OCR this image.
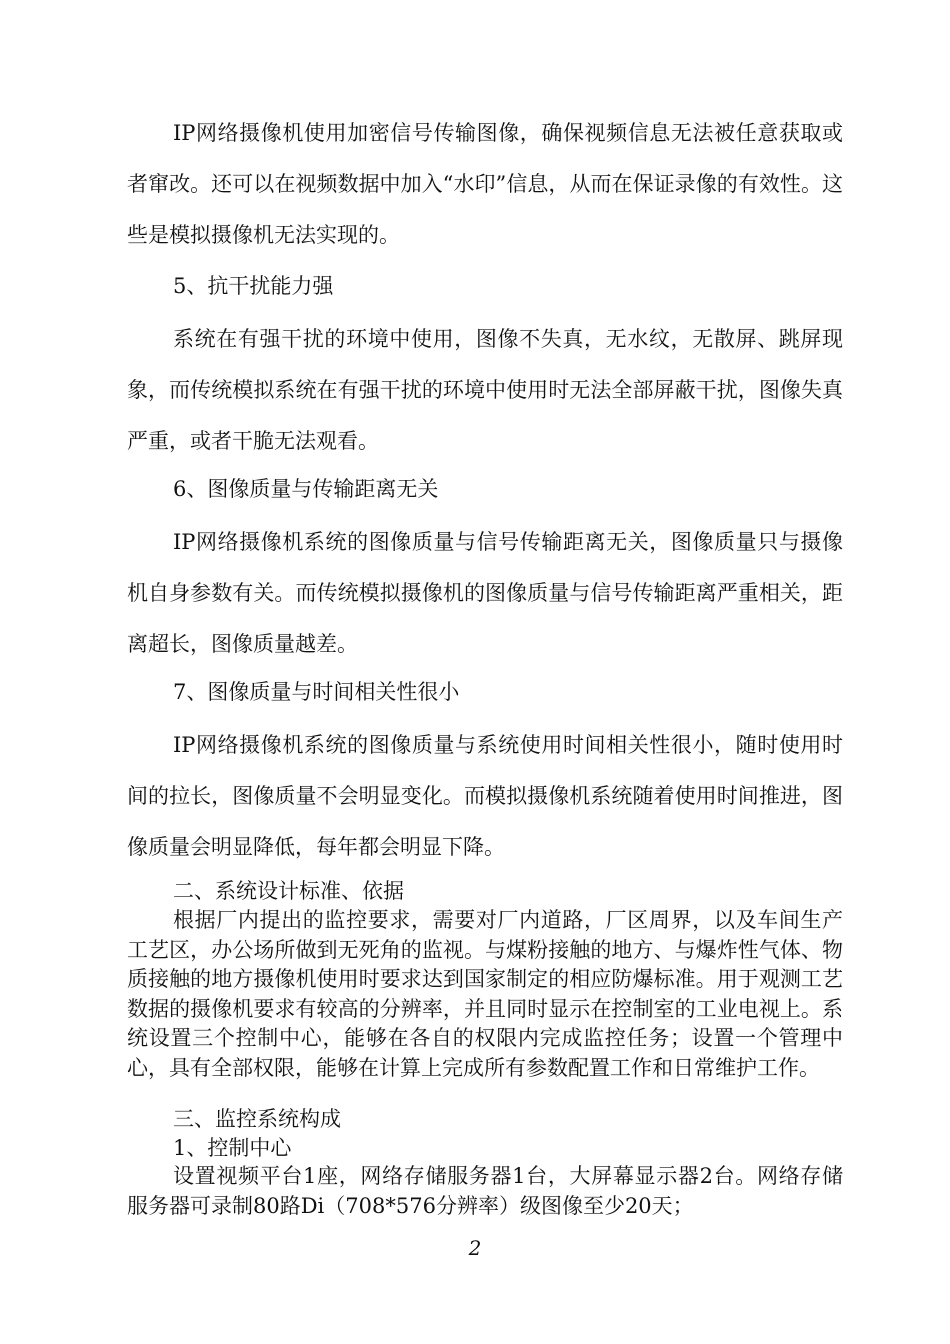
IP网络摄像机使用加密信号传输图像，确保视频信息无法被任意获取或者窜改。还可以在视频数据中加入“水印”信息，从而在保证录像的有效性。这些是模拟摄像机无法实现的。

5、抗干扰能力强

系统在有强干扰的环境中使用，图像不失真，无水纹，无散屏、跳屏现象，而传统模拟系统在有强干扰的环境中使用时无法全部屏蔽干扰，图像失真严重，或者干脆无法观看。

6、图像质量与传输距离无关

IP网络摄像机系统的图像质量与信号传输距离无关，图像质量只与摄像机自身参数有关。而传统模拟摄像机的图像质量与信号传输距离严重相关，距离超长，图像质量越差。

7、图像质量与时间相关性很小

IP网络摄像机系统的图像质量与系统使用时间相关性很小，随时使用时间的拉长，图像质量不会明显变化。而模拟摄像机系统随着使用时间推进，图像质量会明显降低，每年都会明显下降。

二、系统设计标准、依据

根据厂内提出的监控要求，需要对厂内道路，厂区周界，以及车间生产工艺区，办公场所做到无死角的监视。与煤粉接触的地方、与爆炸性气体、物质接触的地方摄像机使用时要求达到国家制定的相应防爆标准。用于观测工艺数据的摄像机要求有较高的分辨率，并且同时显示在控制室的工业电视上。系统设置三个控制中心，能够在各自的权限内完成监控任务；设置一个管理中心，具有全部权限，能够在计算上完成所有参数配置工作和日常维护工作。

三、监控系统构成

1、控制中心

设置视频平台1座，网络存储服务器1台，大屏幕显示器2台。网络存储服务器可录制80路Di（708*576分辨率）级图像至少20天；

2
